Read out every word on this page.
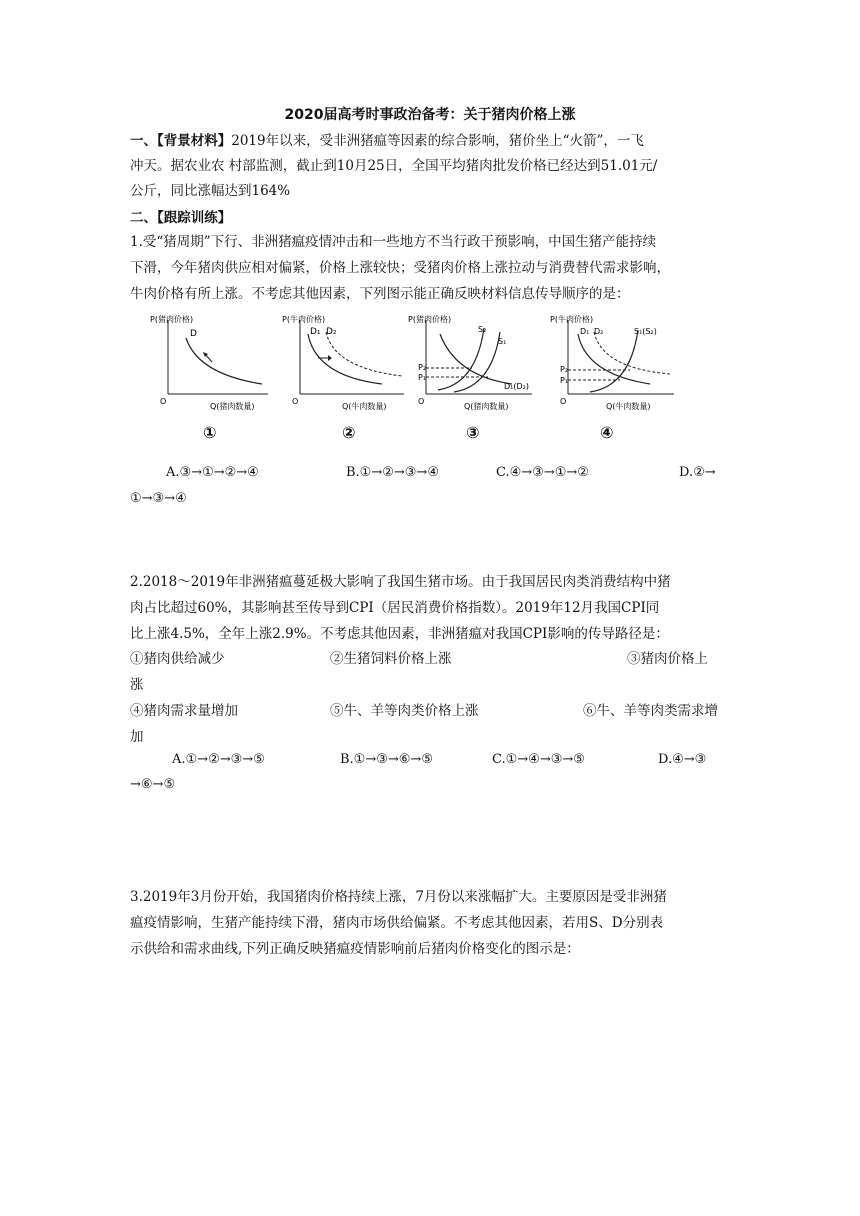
2020届高考时事政治备考：关于猪肉价格上涨
一、【背景材料】2019年以来，受非洲猪瘟等因素的综合影响，猪价坐上“火箭”，一飞
冲天。据农业农 村部监测，截止到10月25日，全国平均猪肉批发价格已经达到51.01元/
公斤，同比涨幅达到164%
二、【跟踪训练】
1.受“猪周期”下行、非洲猪瘟疫情冲击和一些地方不当行政干预影响，中国生猪产能持续
下滑，今年猪肉供应相对偏紧，价格上涨较快；受猪肉价格上涨拉动与消费替代需求影响，
牛肉价格有所上涨。不考虑其他因素，下列图示能正确反映材料信息传导顺序的是：
P(猪肉价格)
O
Q(猪肉数量)
D
①
P(牛肉价格)
O
Q(牛肉数量)
D₁ D₂
②
P(猪肉价格)
O
Q(猪肉数量)
P₂
P₁
S₂
S₁
D₁(D₂)
③
P(牛肉价格)
O
Q(牛肉数量)
P₂
P₁
D₁ D₂	S₁(S₂)
④
A.③→①→②→④	B.①→②→③→④	C.④→③→①→②	D.②→
①→③→④
2.2018～2019年非洲猪瘟蔓延极大影响了我国生猪市场。由于我国居民肉类消费结构中猪
肉占比超过60%，其影响甚至传导到CPI（居民消费价格指数）。2019年12月我国CPI同
比上涨4.5%，全年上涨2.9%。不考虑其他因素，非洲猪瘟对我国CPI影响的传导路径是：
①猪肉供给减少	②生猪饲料价格上涨	③猪肉价格上
涨
④猪肉需求量增加	⑤牛、羊等肉类价格上涨	⑥牛、羊等肉类需求增
加
A.①→②→③→⑤	B.①→③→⑥→⑤	C.①→④→③→⑤	D.④→③
→⑥→⑤
3.2019年3月份开始，我国猪肉价格持续上涨，7月份以来涨幅扩大。主要原因是受非洲猪
瘟疫情影响，生猪产能持续下滑，猪肉市场供给偏紧。不考虑其他因素，若用S、D分别表
示供给和需求曲线,下列正确反映猪瘟疫情影响前后猪肉价格变化的图示是：
